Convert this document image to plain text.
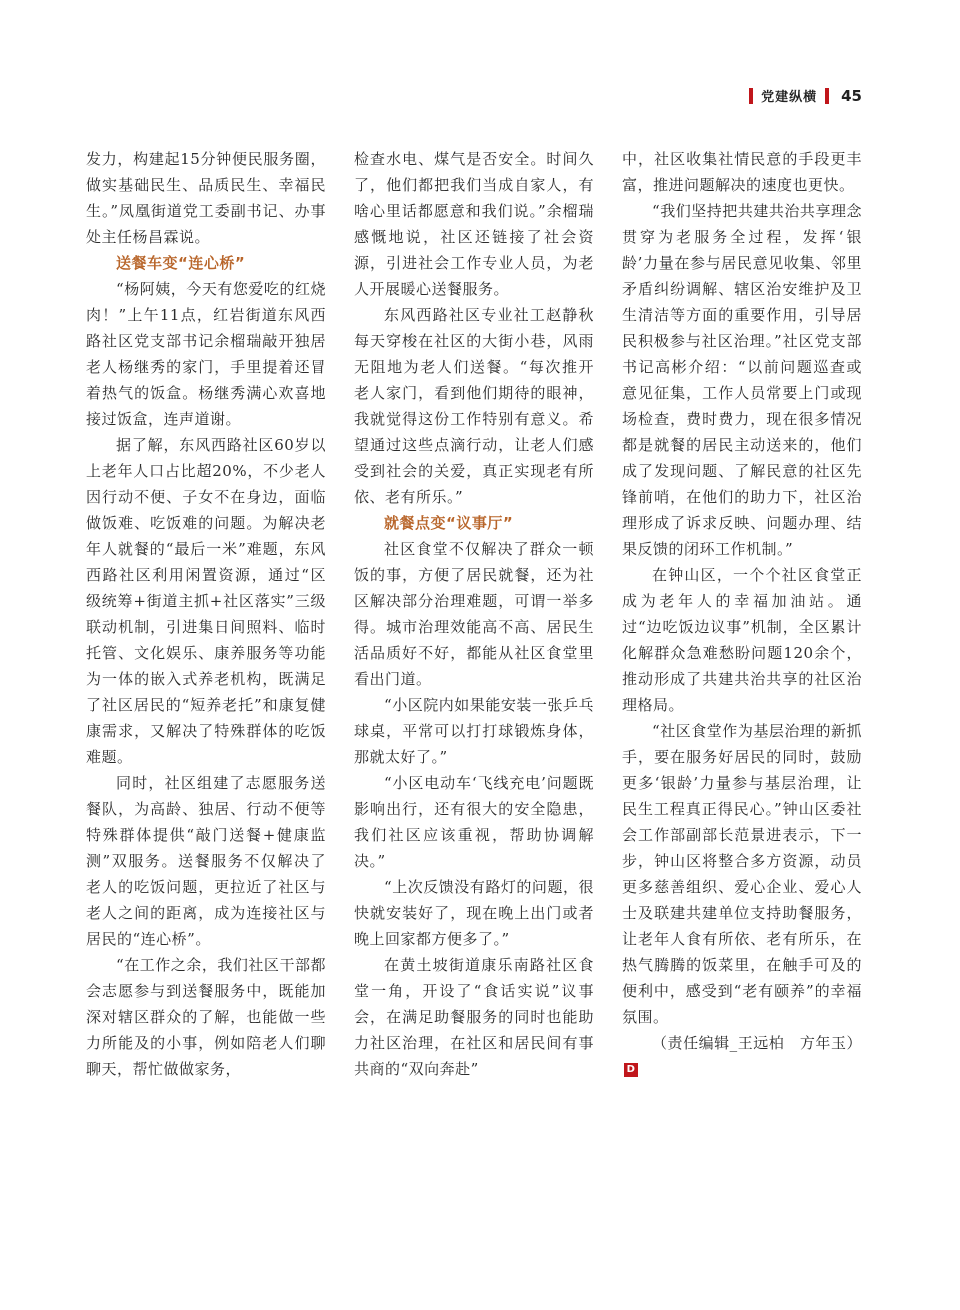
党建纵横 45

发力，构建起15分钟便民服务圈，做实基础民生、品质民生、幸福民生。”凤凰街道党工委副书记、办事处主任杨昌霖说。

送餐车变“连心桥”

“杨阿姨，今天有您爱吃的红烧肉！”上午11点，红岩街道东风西路社区党支部书记余榴瑞敲开独居老人杨继秀的家门，手里提着还冒着热气的饭盒。杨继秀满心欢喜地接过饭盒，连声道谢。

据了解，东风西路社区60岁以上老年人口占比超20%，不少老人因行动不便、子女不在身边，面临做饭难、吃饭难的问题。为解决老年人就餐的“最后一米”难题，东风西路社区利用闲置资源，通过“区级统筹+街道主抓+社区落实”三级联动机制，引进集日间照料、临时托管、文化娱乐、康养服务等功能为一体的嵌入式养老机构，既满足了社区居民的“短养老托”和康复健康需求，又解决了特殊群体的吃饭难题。

同时，社区组建了志愿服务送餐队，为高龄、独居、行动不便等特殊群体提供“敲门送餐+健康监测”双服务。送餐服务不仅解决了老人的吃饭问题，更拉近了社区与老人之间的距离，成为连接社区与居民的“连心桥”。

“在工作之余，我们社区干部都会志愿参与到送餐服务中，既能加深对辖区群众的了解，也能做一些力所能及的小事，例如陪老人们聊聊天，帮忙做做家务，

检查水电、煤气是否安全。时间久了，他们都把我们当成自家人，有啥心里话都愿意和我们说。”余榴瑞感慨地说，社区还链接了社会资源，引进社会工作专业人员，为老人开展暖心送餐服务。

东风西路社区专业社工赵静秋每天穿梭在社区的大街小巷，风雨无阻地为老人们送餐。“每次推开老人家门，看到他们期待的眼神，我就觉得这份工作特别有意义。希望通过这些点滴行动，让老人们感受到社会的关爱，真正实现老有所依、老有所乐。”

就餐点变“议事厅”

社区食堂不仅解决了群众一顿饭的事，方便了居民就餐，还为社区解决部分治理难题，可谓一举多得。城市治理效能高不高、居民生活品质好不好，都能从社区食堂里看出门道。

“小区院内如果能安装一张乒乓球桌，平常可以打打球锻炼身体，那就太好了。”

“小区电动车‘飞线充电’问题既影响出行，还有很大的安全隐患，我们社区应该重视，帮助协调解决。”

“上次反馈没有路灯的问题，很快就安装好了，现在晚上出门或者晚上回家都方便多了。”

在黄土坡街道康乐南路社区食堂一角，开设了“食话实说”议事会，在满足助餐服务的同时也能助力社区治理，在社区和居民间有事共商的“双向奔赴”

中，社区收集社情民意的手段更丰富，推进问题解决的速度也更快。

“我们坚持把共建共治共享理念贯穿为老服务全过程，发挥‘银龄’力量在参与居民意见收集、邻里矛盾纠纷调解、辖区治安维护及卫生清洁等方面的重要作用，引导居民积极参与社区治理。”社区党支部书记高彬介绍：“以前问题巡查或意见征集，工作人员常要上门或现场检查，费时费力，现在很多情况都是就餐的居民主动送来的，他们成了发现问题、了解民意的社区先锋前哨，在他们的助力下，社区治理形成了诉求反映、问题办理、结果反馈的闭环工作机制。”

在钟山区，一个个社区食堂正成为老年人的幸福加油站。通过“边吃饭边议事”机制，全区累计化解群众急难愁盼问题120余个，推动形成了共建共治共享的社区治理格局。

“社区食堂作为基层治理的新抓手，要在服务好居民的同时，鼓励更多‘银龄’力量参与基层治理，让民生工程真正得民心。”钟山区委社会工作部副部长范景进表示，下一步，钟山区将整合多方资源，动员更多慈善组织、爱心企业、爱心人士及联建共建单位支持助餐服务，让老年人食有所依、老有所乐，在热气腾腾的饭菜里，在触手可及的便利中，感受到“老有颐养”的幸福氛围。

（责任编辑_王远柏　方年玉）D
